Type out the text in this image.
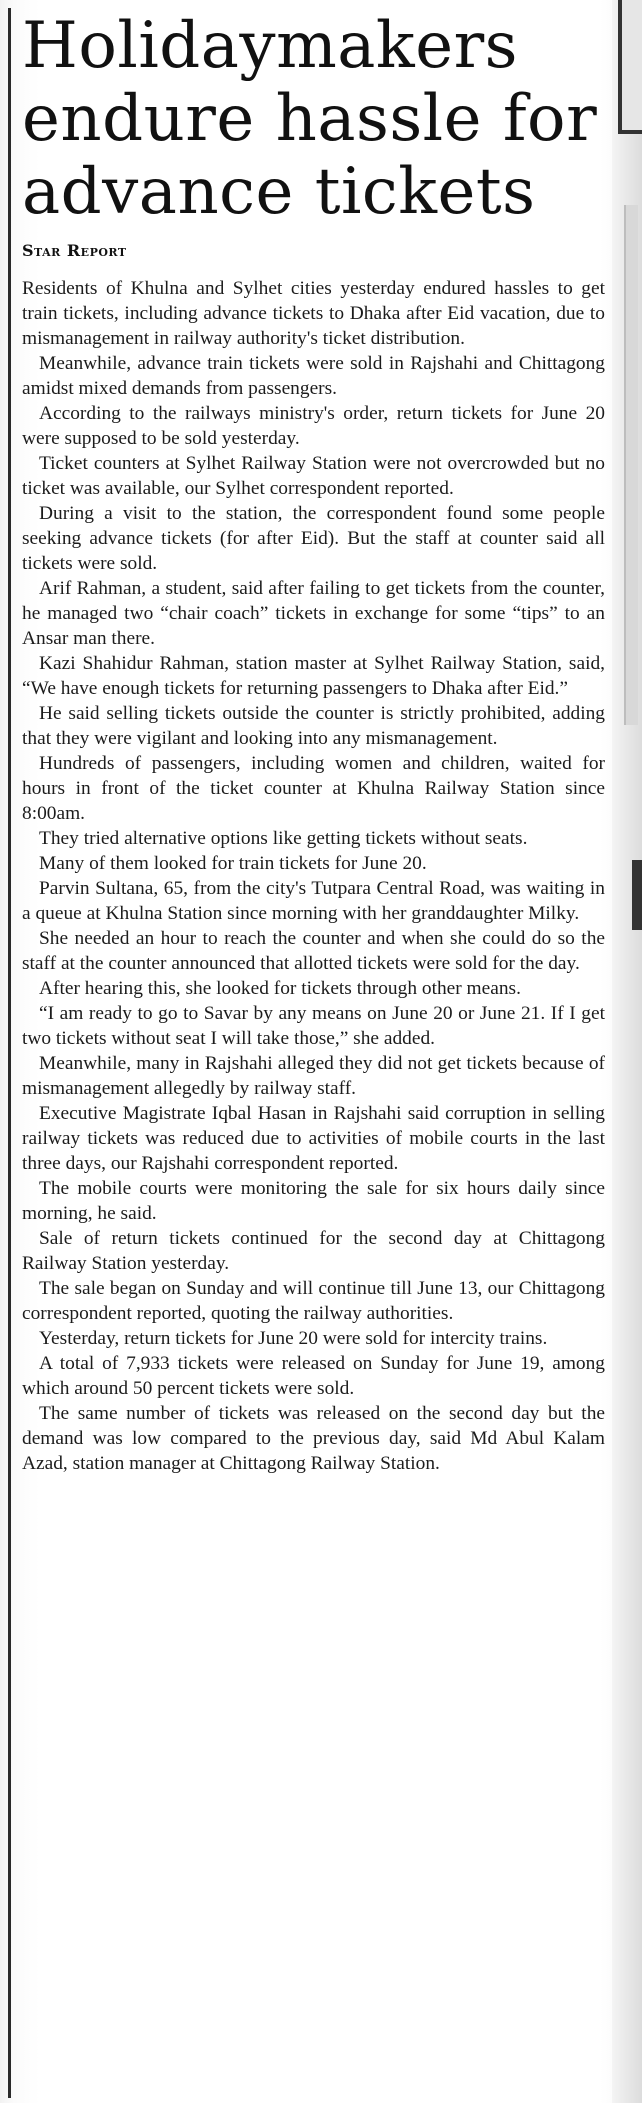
Holidaymakers endure hassle for advance tickets
Star Report

Residents of Khulna and Sylhet cities yesterday endured hassles to get train tickets, including advance tickets to Dhaka after Eid vacation, due to mismanagement in railway authority's ticket distribution.

Meanwhile, advance train tickets were sold in Rajshahi and Chittagong amidst mixed demands from passengers.

According to the railways ministry's order, return tickets for June 20 were supposed to be sold yesterday.

Ticket counters at Sylhet Railway Station were not overcrowded but no ticket was available, our Sylhet correspondent reported.

During a visit to the station, the correspondent found some people seeking advance tickets (for after Eid). But the staff at counter said all tickets were sold.

Arif Rahman, a student, said after failing to get tickets from the counter, he managed two “chair coach” tickets in exchange for some “tips” to an Ansar man there.

Kazi Shahidur Rahman, station master at Sylhet Railway Station, said, “We have enough tickets for returning passengers to Dhaka after Eid.”

He said selling tickets outside the counter is strictly prohibited, adding that they were vigilant and looking into any mismanagement.

Hundreds of passengers, including women and children, waited for hours in front of the ticket counter at Khulna Railway Station since 8:00am.

They tried alternative options like getting tickets without seats.

Many of them looked for train tickets for June 20.

Parvin Sultana, 65, from the city's Tutpara Central Road, was waiting in a queue at Khulna Station since morning with her granddaughter Milky.

She needed an hour to reach the counter and when she could do so the staff at the counter announced that allotted tickets were sold for the day.

After hearing this, she looked for tickets through other means.

“I am ready to go to Savar by any means on June 20 or June 21. If I get two tickets without seat I will take those,” she added.

Meanwhile, many in Rajshahi alleged they did not get tickets because of mismanagement allegedly by railway staff.

Executive Magistrate Iqbal Hasan in Rajshahi said corruption in selling railway tickets was reduced due to activities of mobile courts in the last three days, our Rajshahi correspondent reported.

The mobile courts were monitoring the sale for six hours daily since morning, he said.

Sale of return tickets continued for the second day at Chittagong Railway Station yesterday.

The sale began on Sunday and will continue till June 13, our Chittagong correspondent reported, quoting the railway authorities.

Yesterday, return tickets for June 20 were sold for intercity trains.

A total of 7,933 tickets were released on Sunday for June 19, among which around 50 percent tickets were sold.

The same number of tickets was released on the second day but the demand was low compared to the previous day, said Md Abul Kalam Azad, station manager at Chittagong Railway Station.
